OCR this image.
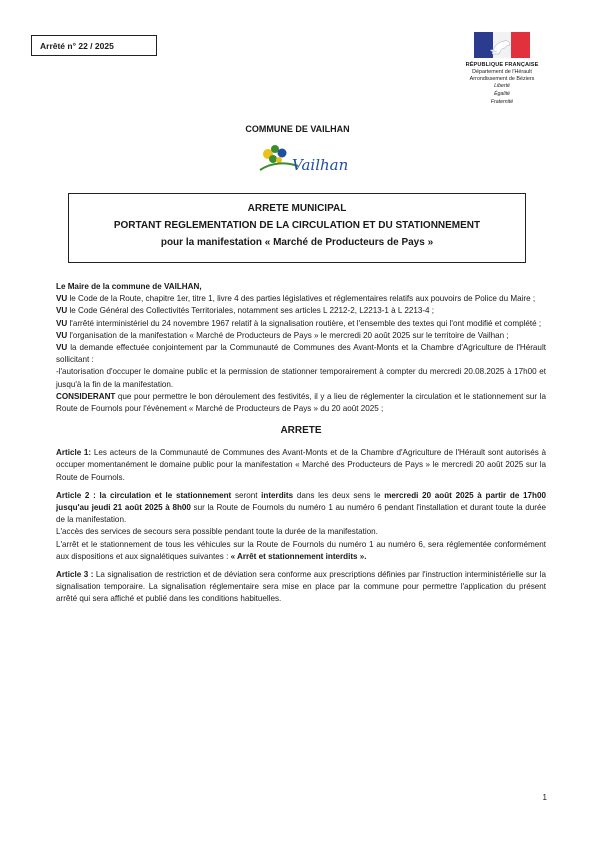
Arrêté n° 22 / 2025
RÉPUBLIQUE FRANÇAISE
Département de l'Hérault
Arrondissement de Béziers
Liberté
Égalité
Fraternité
COMMUNE DE VAILHAN
Vailhan
ARRETE MUNICIPAL
PORTANT REGLEMENTATION DE LA CIRCULATION ET DU STATIONNEMENT
pour la manifestation « Marché de Producteurs de Pays »

Le Maire de la commune de VAILHAN,

VU le Code de la Route, chapitre 1er, titre 1, livre 4 des parties législatives et réglementaires relatifs aux pouvoirs de Police du Maire ;

VU le Code Général des Collectivités Territoriales, notamment ses articles L 2212-2, L2213-1 à L 2213-4 ;

VU l'arrêté interministériel du 24 novembre 1967 relatif à la signalisation routière, et l'ensemble des textes qui l'ont modifié et complété ;

VU l'organisation de la manifestation « Marché de Producteurs de Pays » le mercredi 20 août 2025 sur le territoire de Vailhan ;

VU la demande effectuée conjointement par la Communauté de Communes des Avant-Monts et la Chambre d'Agriculture de l'Hérault sollicitant :

-l'autorisation d'occuper le domaine public et la permission de stationner temporairement à compter du mercredi 20.08.2025 à 17h00 et jusqu'à la fin de la manifestation.

CONSIDERANT que pour permettre le bon déroulement des festivités, il y a lieu de réglementer la circulation et le stationnement sur la Route de Fournols pour l'évènement « Marché de Producteurs de Pays » du 20 août 2025 ;

ARRETE

Article 1: Les acteurs de la Communauté de Communes des Avant-Monts et de la Chambre d'Agriculture de l'Hérault sont autorisés à occuper momentanément le domaine public pour la manifestation « Marché des Producteurs de Pays » le mercredi 20 août 2025 sur la Route de Fournols.

Article 2 : la circulation et le stationnement seront interdits dans les deux sens le mercredi 20 août 2025 à partir de 17h00 jusqu'au jeudi 21 août 2025 à 8h00 sur la Route de Fournols du numéro 1 au numéro 6 pendant l'installation et durant toute la durée de la manifestation.

L'accès des services de secours sera possible pendant toute la durée de la manifestation.

L'arrêt et le stationnement de tous les véhicules sur la Route de Fournols du numéro 1 au numéro 6, sera réglementée conformément aux dispositions et aux signalétiques suivantes : « Arrêt et stationnement interdits ».

Article 3 : La signalisation de restriction et de déviation sera conforme aux prescriptions définies par l'instruction interministérielle sur la signalisation temporaire. La signalisation réglementaire sera mise en place par la commune pour permettre l'application du présent arrêté qui sera affiché et publié dans les conditions habituelles.

1
